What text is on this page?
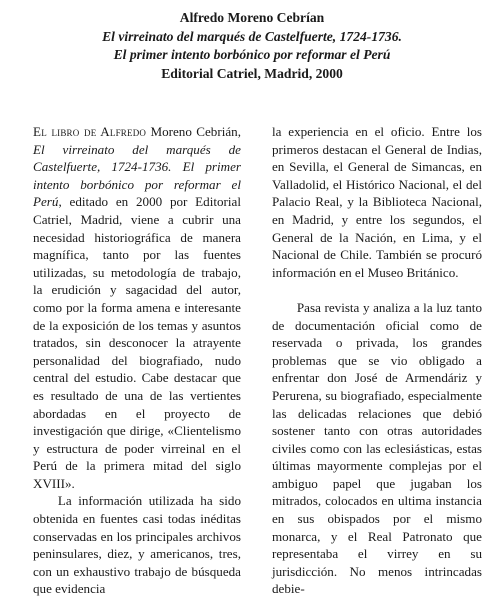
Alfredo Moreno Cebrían
El virreinato del marqués de Castelfuerte, 1724-1736.
El primer intento borbónico por reformar el Perú
Editorial Catriel, Madrid, 2000

El libro de Alfredo Moreno Cebrián, El virreinato del marqués de Castelfuerte, 1724-1736. El primer intento borbónico por reformar el Perú, editado en 2000 por Editorial Catriel, Madrid, viene a cubrir una necesidad historiográfica de manera magnífica, tanto por las fuentes utilizadas, su metodología de trabajo, la erudición y sagacidad del autor, como por la forma amena e interesante de la exposición de los temas y asuntos tratados, sin desconocer la atrayente personalidad del biografiado, nudo central del estudio. Cabe destacar que es resultado de una de las vertientes abordadas en el proyecto de investigación que dirige, «Clientelismo y estructura de poder virreinal en el Perú de la primera mitad del siglo XVIII».

La información utilizada ha sido obtenida en fuentes casi todas inéditas conservadas en los principales archivos peninsulares, diez, y americanos, tres, con un exhaustivo trabajo de búsqueda que evidencia

la experiencia en el oficio. Entre los primeros destacan el General de Indias, en Sevilla, el General de Simancas, en Valladolid, el Histórico Nacional, el del Palacio Real, y la Biblioteca Nacional, en Madrid, y entre los segundos, el General de la Nación, en Lima, y el Nacional de Chile. También se procuró información en el Museo Británico.

Pasa revista y analiza a la luz tanto de documentación oficial como de reservada o privada, los grandes problemas que se vio obligado a enfrentar don José de Armendáriz y Perurena, su biografiado, especialmente las delicadas relaciones que debió sostener tanto con otras autoridades civiles como con las eclesiásticas, estas últimas mayormente complejas por el ambiguo papel que jugaban los mitrados, colocados en ultima instancia en sus obispados por el mismo monarca, y el Real Patronato que representaba el virrey en su jurisdicción. No menos intrincadas debie-
